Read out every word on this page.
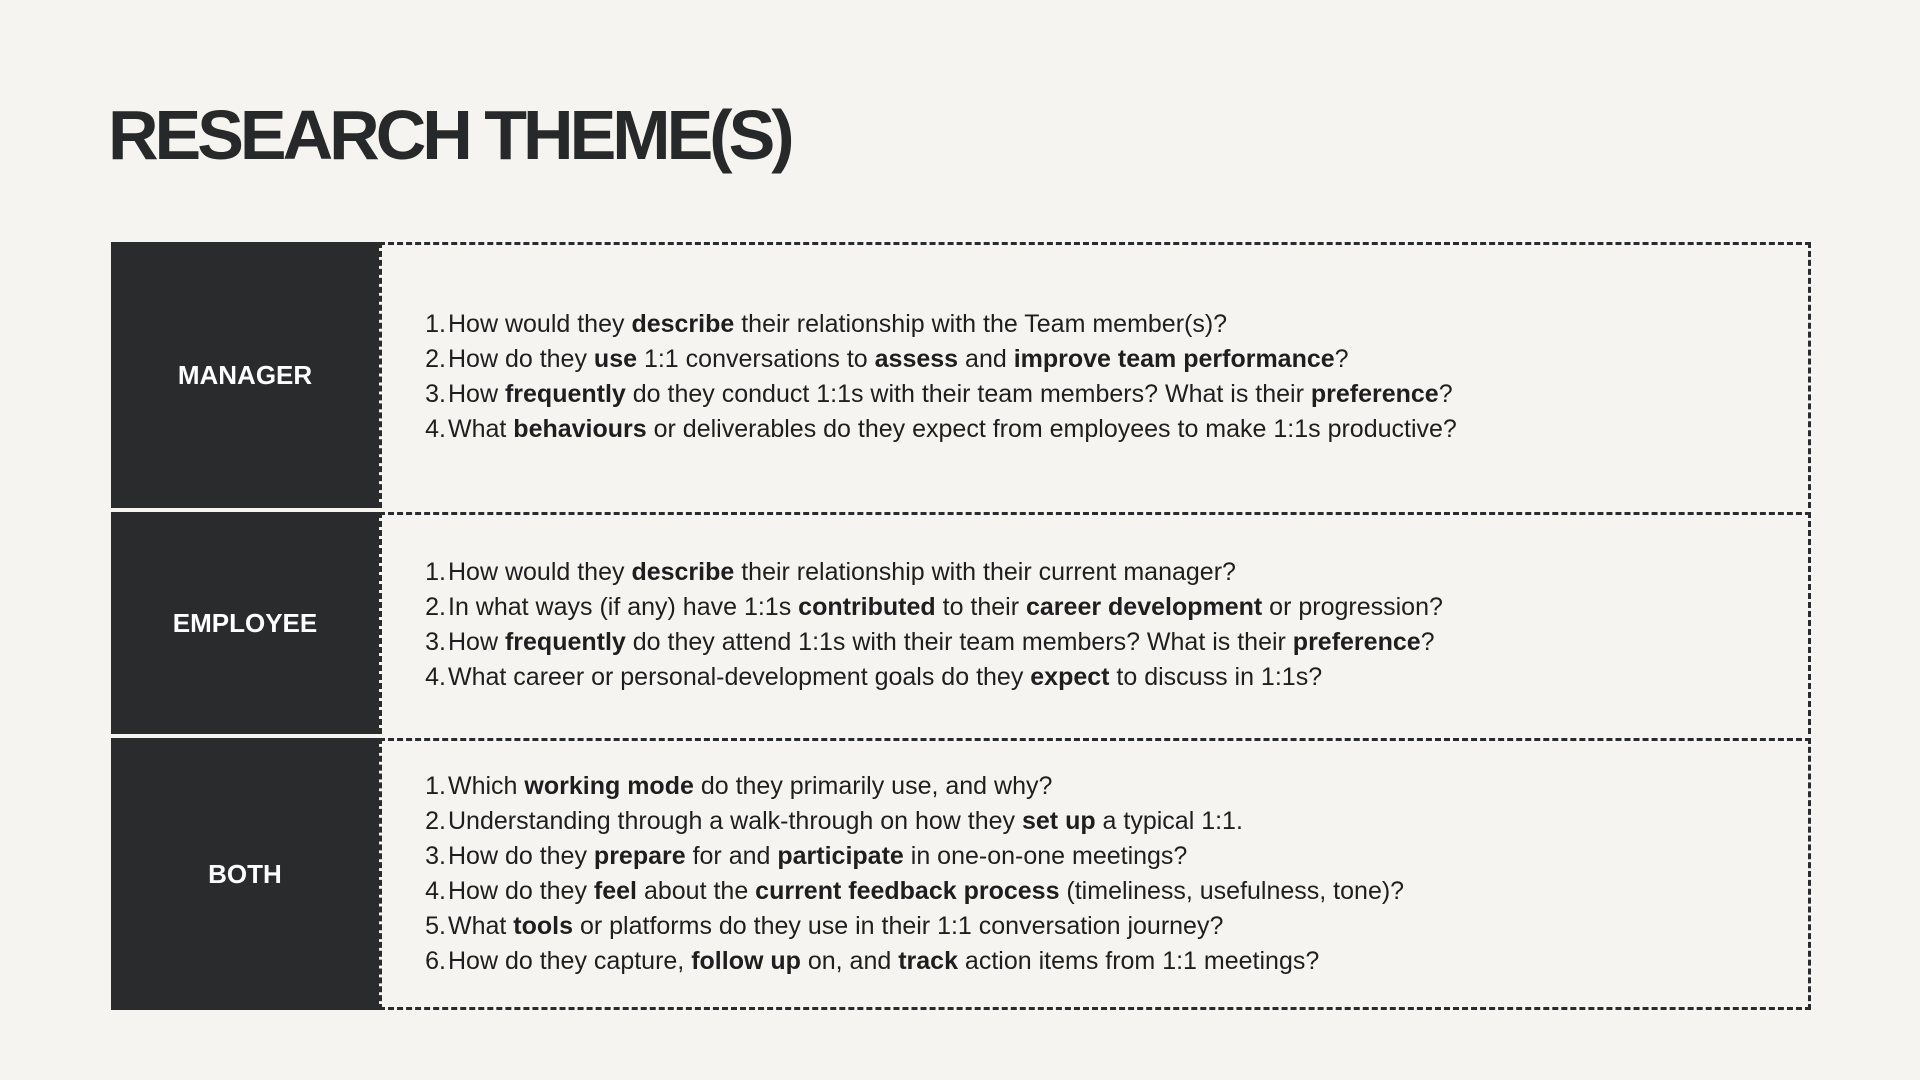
RESEARCH THEME(S)
MANAGER
1. How would they describe their relationship with the Team member(s)?
2. How do they use 1:1 conversations to assess and improve team performance?
3. How frequently do they conduct 1:1s with their team members? What is their preference?
4. What behaviours or deliverables do they expect from employees to make 1:1s productive?
EMPLOYEE
1. How would they describe their relationship with their current manager?
2. In what ways (if any) have 1:1s contributed to their career development or progression?
3. How frequently do they attend 1:1s with their team members? What is their preference?
4. What career or personal-development goals do they expect to discuss in 1:1s?
BOTH
1. Which working mode do they primarily use, and why?
2. Understanding through a walk-through on how they set up a typical 1:1.
3. How do they prepare for and participate in one-on-one meetings?
4. How do they feel about the current feedback process (timeliness, usefulness, tone)?
5. What tools or platforms do they use in their 1:1 conversation journey?
6. How do they capture, follow up on, and track action items from 1:1 meetings?
